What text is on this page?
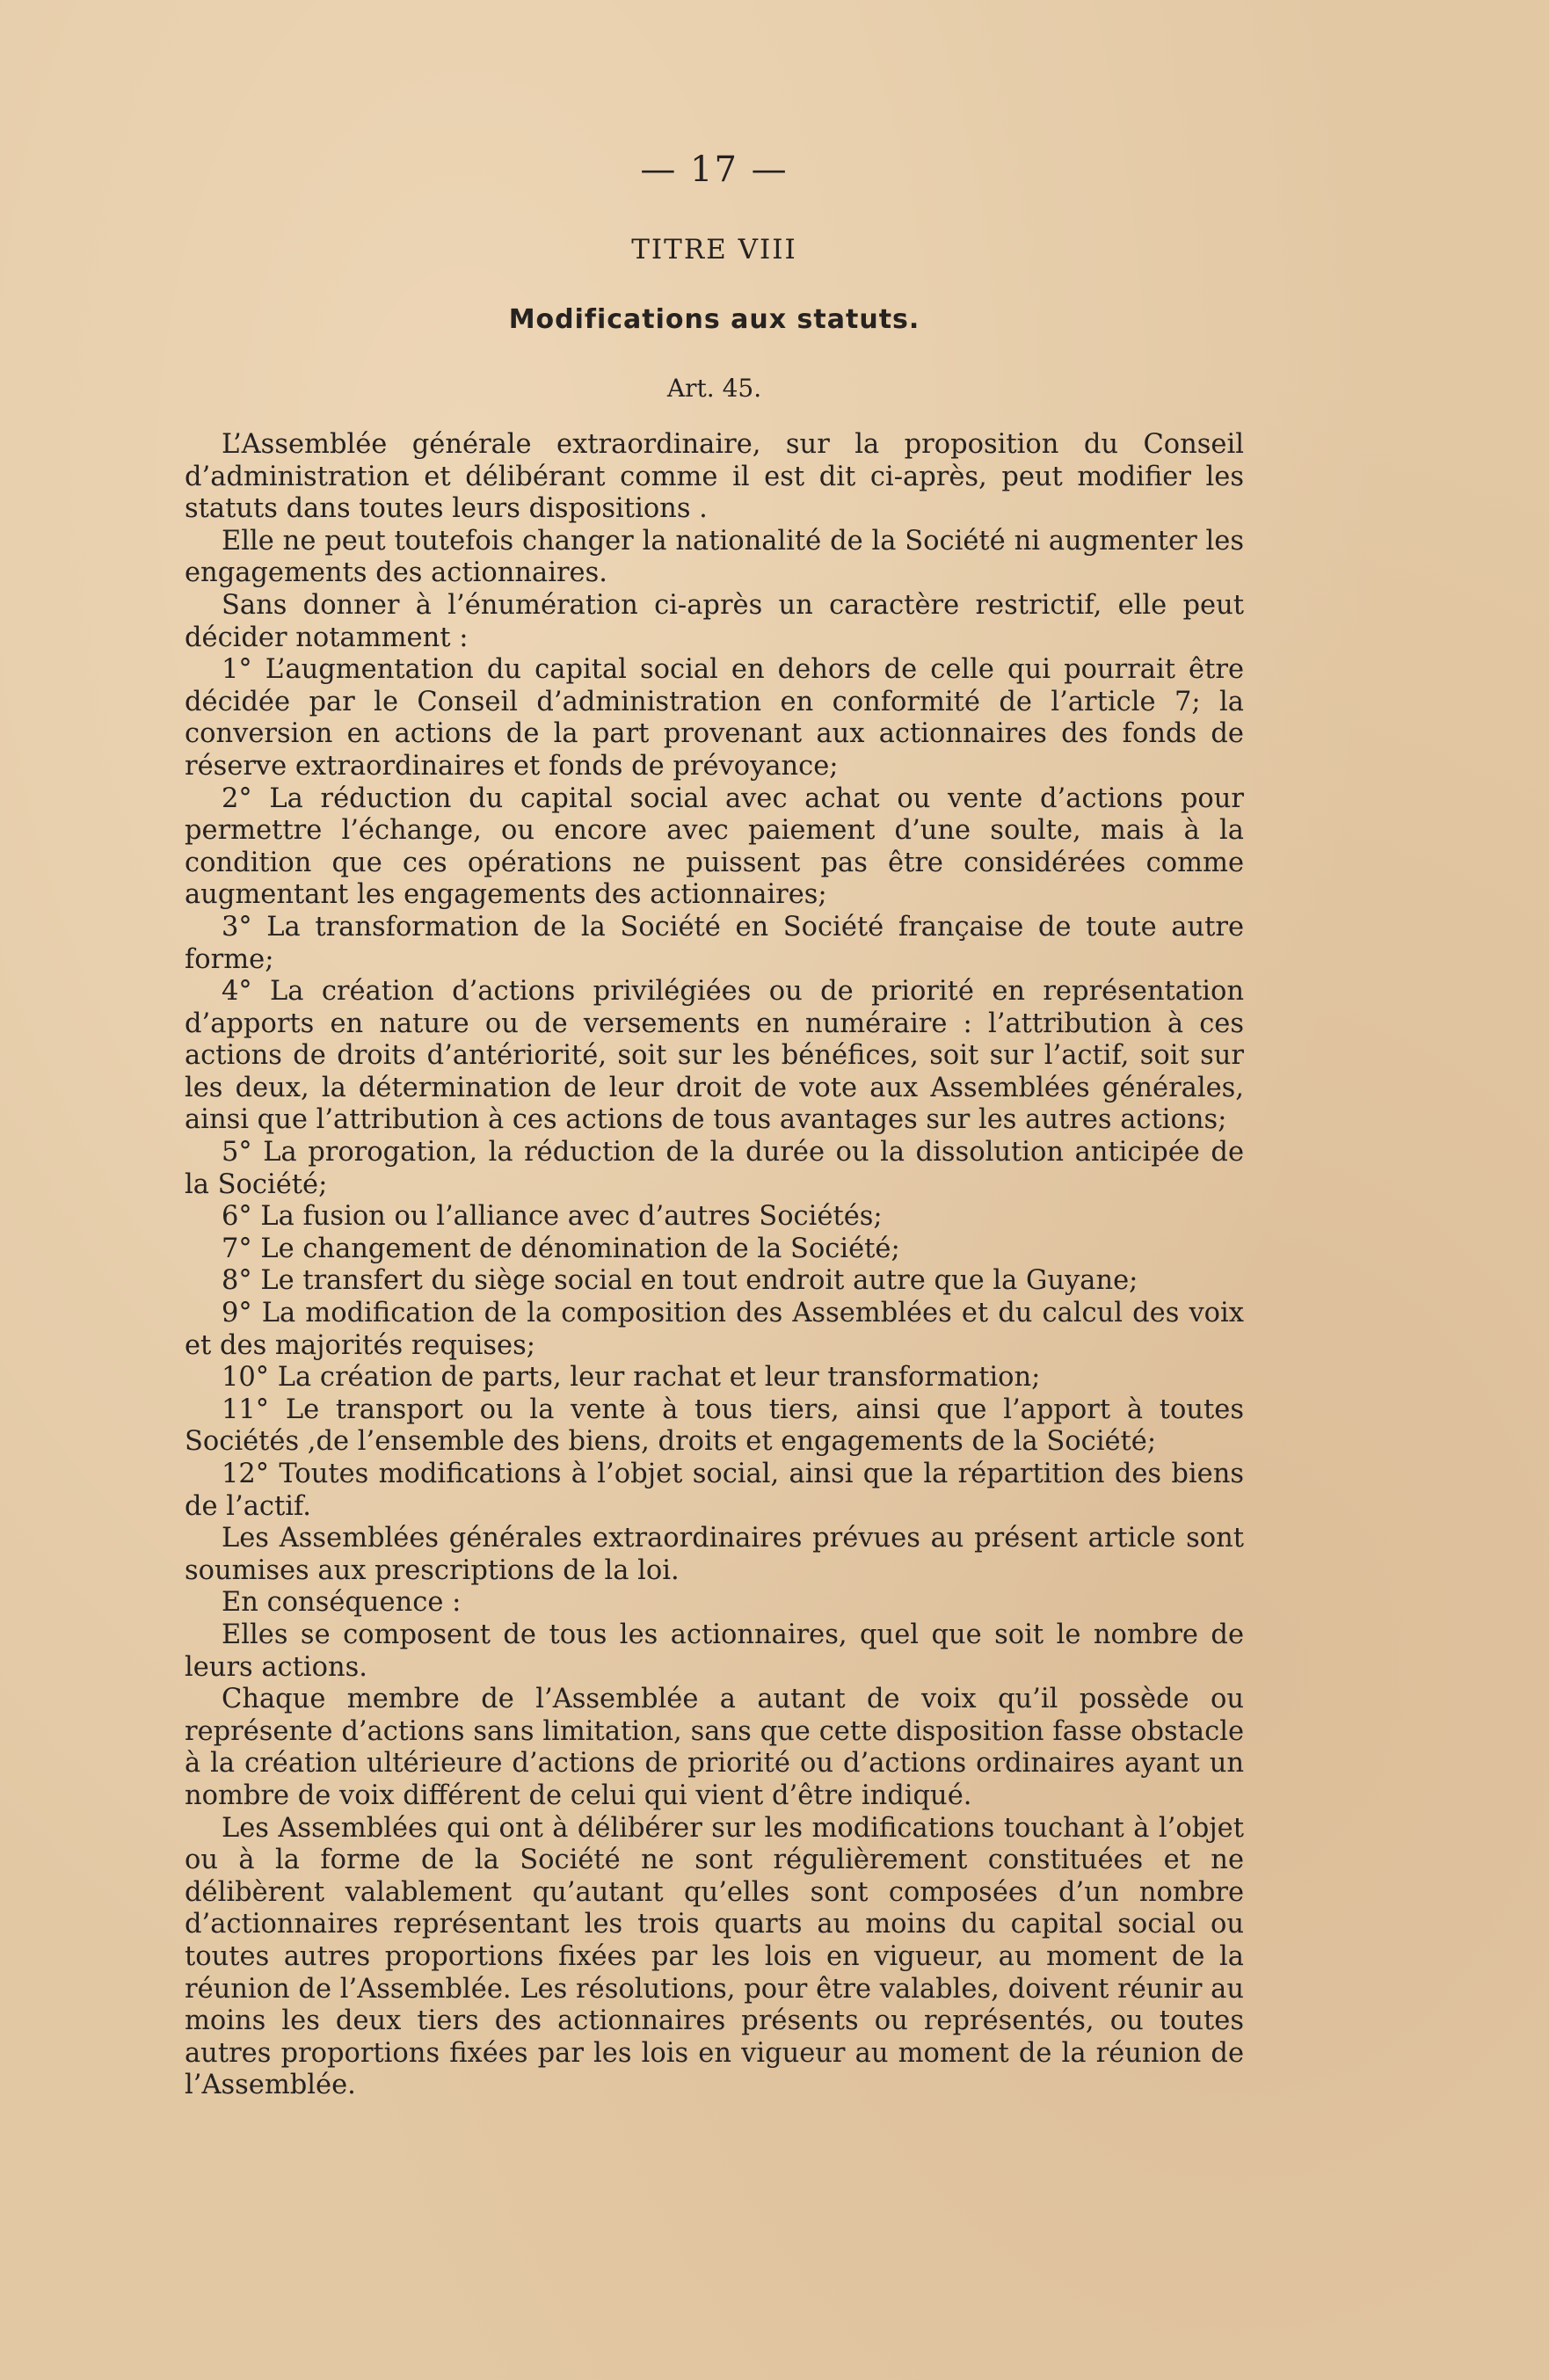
— 17 —
TITRE VIII
Modifications aux statuts.
Art. 45.

L’Assemblée générale extraordinaire, sur la proposition du Conseil d’administration et délibérant comme il est dit ci-après, peut modifier les statuts dans toutes leurs dispositions .

Elle ne peut toutefois changer la nationalité de la Société ni augmenter les engagements des actionnaires.

Sans donner à l’énumération ci-après un caractère restrictif, elle peut décider notamment :

1° L’augmentation du capital social en dehors de celle qui pourrait être décidée par le Conseil d’administration en conformité de l’article 7; la conversion en actions de la part provenant aux actionnaires des fonds de réserve extraordinaires et fonds de prévoyance;

2° La réduction du capital social avec achat ou vente d’actions pour permettre l’échange, ou encore avec paiement d’une soulte, mais à la condition que ces opérations ne puissent pas être considérées comme augmentant les engagements des actionnaires;

3° La transformation de la Société en Société française de toute autre forme;

4° La création d’actions privilégiées ou de priorité en représentation d’apports en nature ou de versements en numéraire : l’attribution à ces actions de droits d’antériorité, soit sur les bénéfices, soit sur l’actif, soit sur les deux, la détermination de leur droit de vote aux Assemblées générales, ainsi que l’attribution à ces actions de tous avantages sur les autres actions;

5° La prorogation, la réduction de la durée ou la dissolution anticipée de la Société;

6° La fusion ou l’alliance avec d’autres Sociétés;

7° Le changement de dénomination de la Société;

8° Le transfert du siège social en tout endroit autre que la Guyane;

9° La modification de la composition des Assemblées et du calcul des voix et des majorités requises;

10° La création de parts, leur rachat et leur transformation;

11° Le transport ou la vente à tous tiers, ainsi que l’apport à toutes Sociétés ,de l’ensemble des biens, droits et engagements de la Société;

12° Toutes modifications à l’objet social, ainsi que la répartition des biens de l’actif.

Les Assemblées générales extraordinaires prévues au présent article sont soumises aux prescriptions de la loi.

En conséquence :

Elles se composent de tous les actionnaires, quel que soit le nombre de leurs actions.

Chaque membre de l’Assemblée a autant de voix qu’il possède ou représente d’actions sans limitation, sans que cette disposition fasse obstacle à la création ultérieure d’actions de priorité ou d’actions ordinaires ayant un nombre de voix différent de celui qui vient d’être indiqué.

Les Assemblées qui ont à délibérer sur les modifications touchant à l’objet ou à la forme de la Société ne sont régulièrement constituées et ne délibèrent valablement qu’autant qu’elles sont composées d’un nombre d’actionnaires représentant les trois quarts au moins du capital social ou toutes autres proportions fixées par les lois en vigueur, au moment de la réunion de l’Assemblée. Les résolutions, pour être valables, doivent réunir au moins les deux tiers des actionnaires présents ou représentés, ou toutes autres proportions fixées par les lois en vigueur au moment de la réunion de l’Assemblée.
